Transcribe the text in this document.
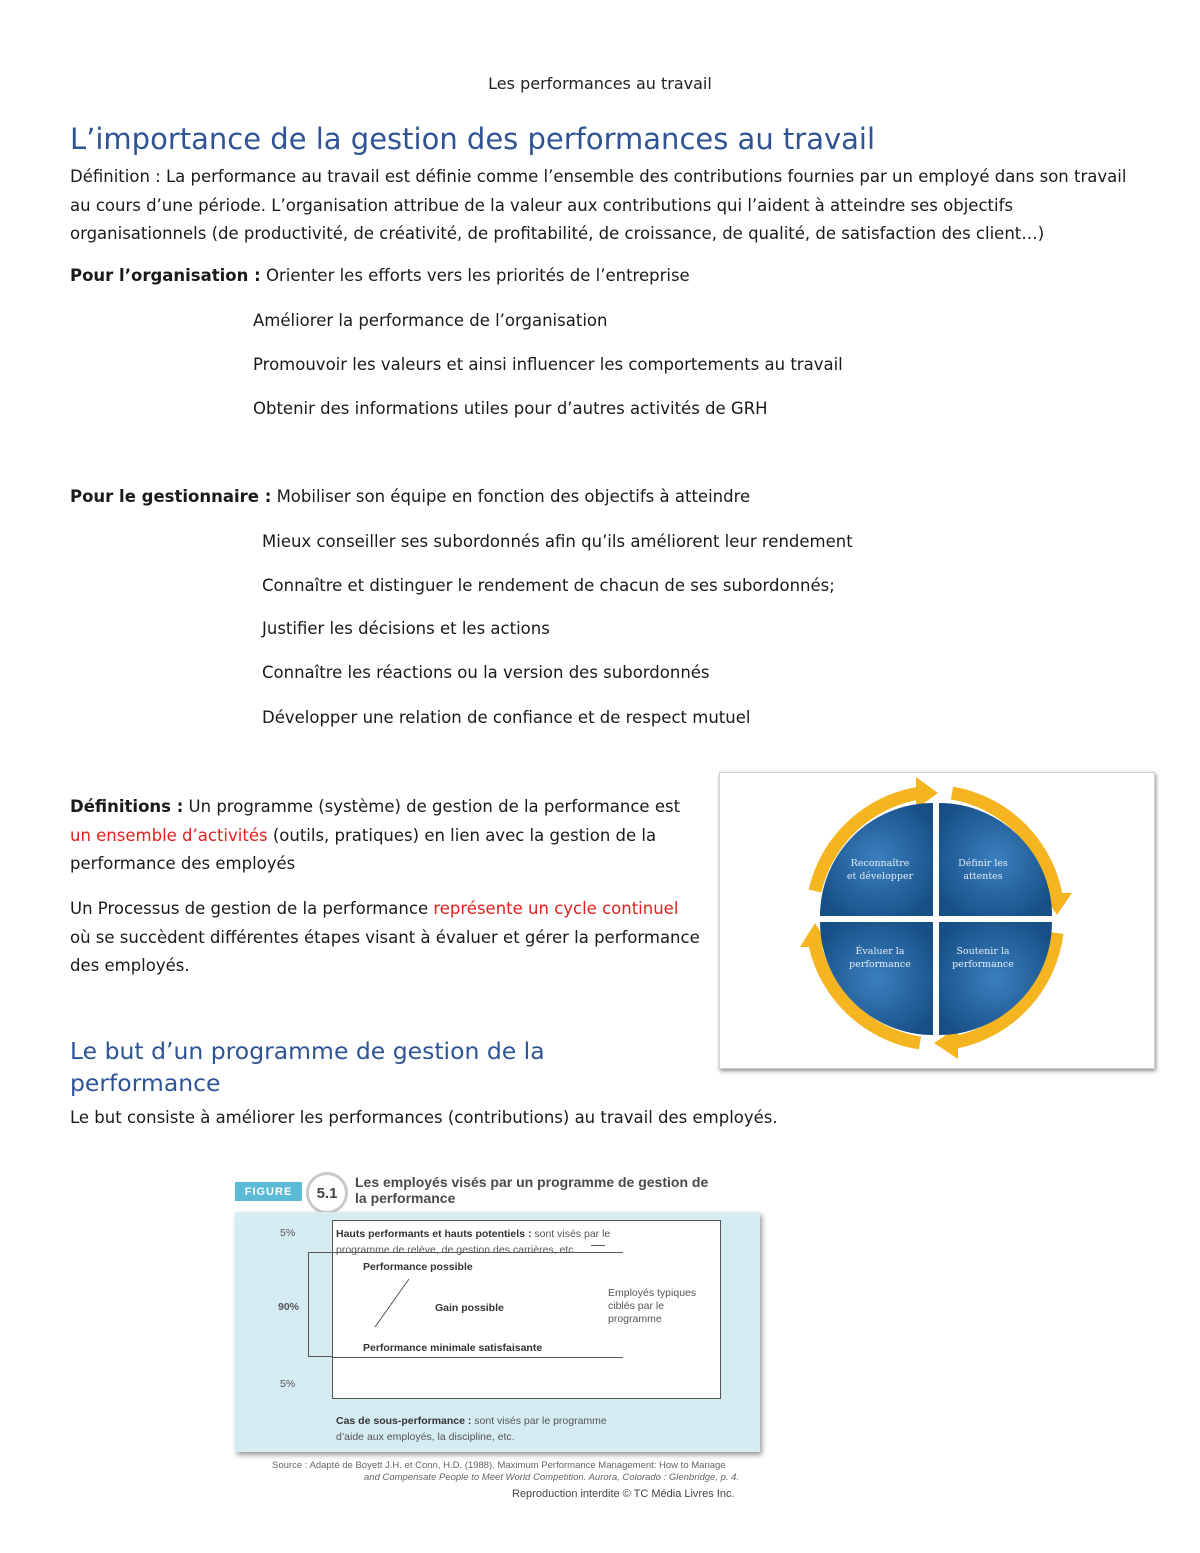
Les performances au travail
L’importance de la gestion des performances au travail
Définition : La performance au travail est définie comme l’ensemble des contributions fournies par un employé dans son travail au cours d’une période. L’organisation attribue de la valeur aux contributions qui l’aident à atteindre ses objectifs organisationnels (de productivité, de créativité, de profitabilité, de croissance, de qualité, de satisfaction des client…)
Pour l’organisation : Orienter les efforts vers les priorités de l’entreprise
Améliorer la performance de l’organisation
Promouvoir les valeurs et ainsi influencer les comportements au travail
Obtenir des informations utiles pour d’autres activités de GRH
Pour le gestionnaire : Mobiliser son équipe en fonction des objectifs à atteindre
Mieux conseiller ses subordonnés afin qu’ils améliorent leur rendement
Connaître et distinguer le rendement de chacun de ses subordonnés;
Justifier les décisions et les actions
Connaître les réactions ou la version des subordonnés
Développer une relation de confiance et de respect mutuel
Définitions : Un programme (système) de gestion de la performance est un ensemble d’activités (outils, pratiques) en lien avec la gestion de la performance des employés
Un Processus de gestion de la performance représente un cycle continuel où se succèdent différentes étapes visant à évaluer et gérer la performance des employés.
Reconnaître
et développer
Définir les
attentes
Évaluer la
performance
Soutenir la
performance
Le but d’un programme de gestion de la performance
Le but consiste à améliorer les performances (contributions) au travail des employés.
FIGURE	5.1
Les employés visés par un programme de gestion de la performance
5%
90%
5%
Hauts performants et hauts potentiels : sont visés par le
programme de relève, de gestion des carrières, etc.
Performance possible
Gain possible
Employés typiques
ciblés par le programme
Performance minimale satisfaisante
Cas de sous-performance : sont visés par le programme
d’aide aux employés, la discipline, etc.
Source : Adapté de Boyett J.H. et Conn, H.D. (1988). Maximum Performance Management: How to Manage
and Compensate People to Meet World Competition. Aurora, Colorado : Glenbridge, p. 4.
Reproduction interdite © TC Média Livres Inc.
